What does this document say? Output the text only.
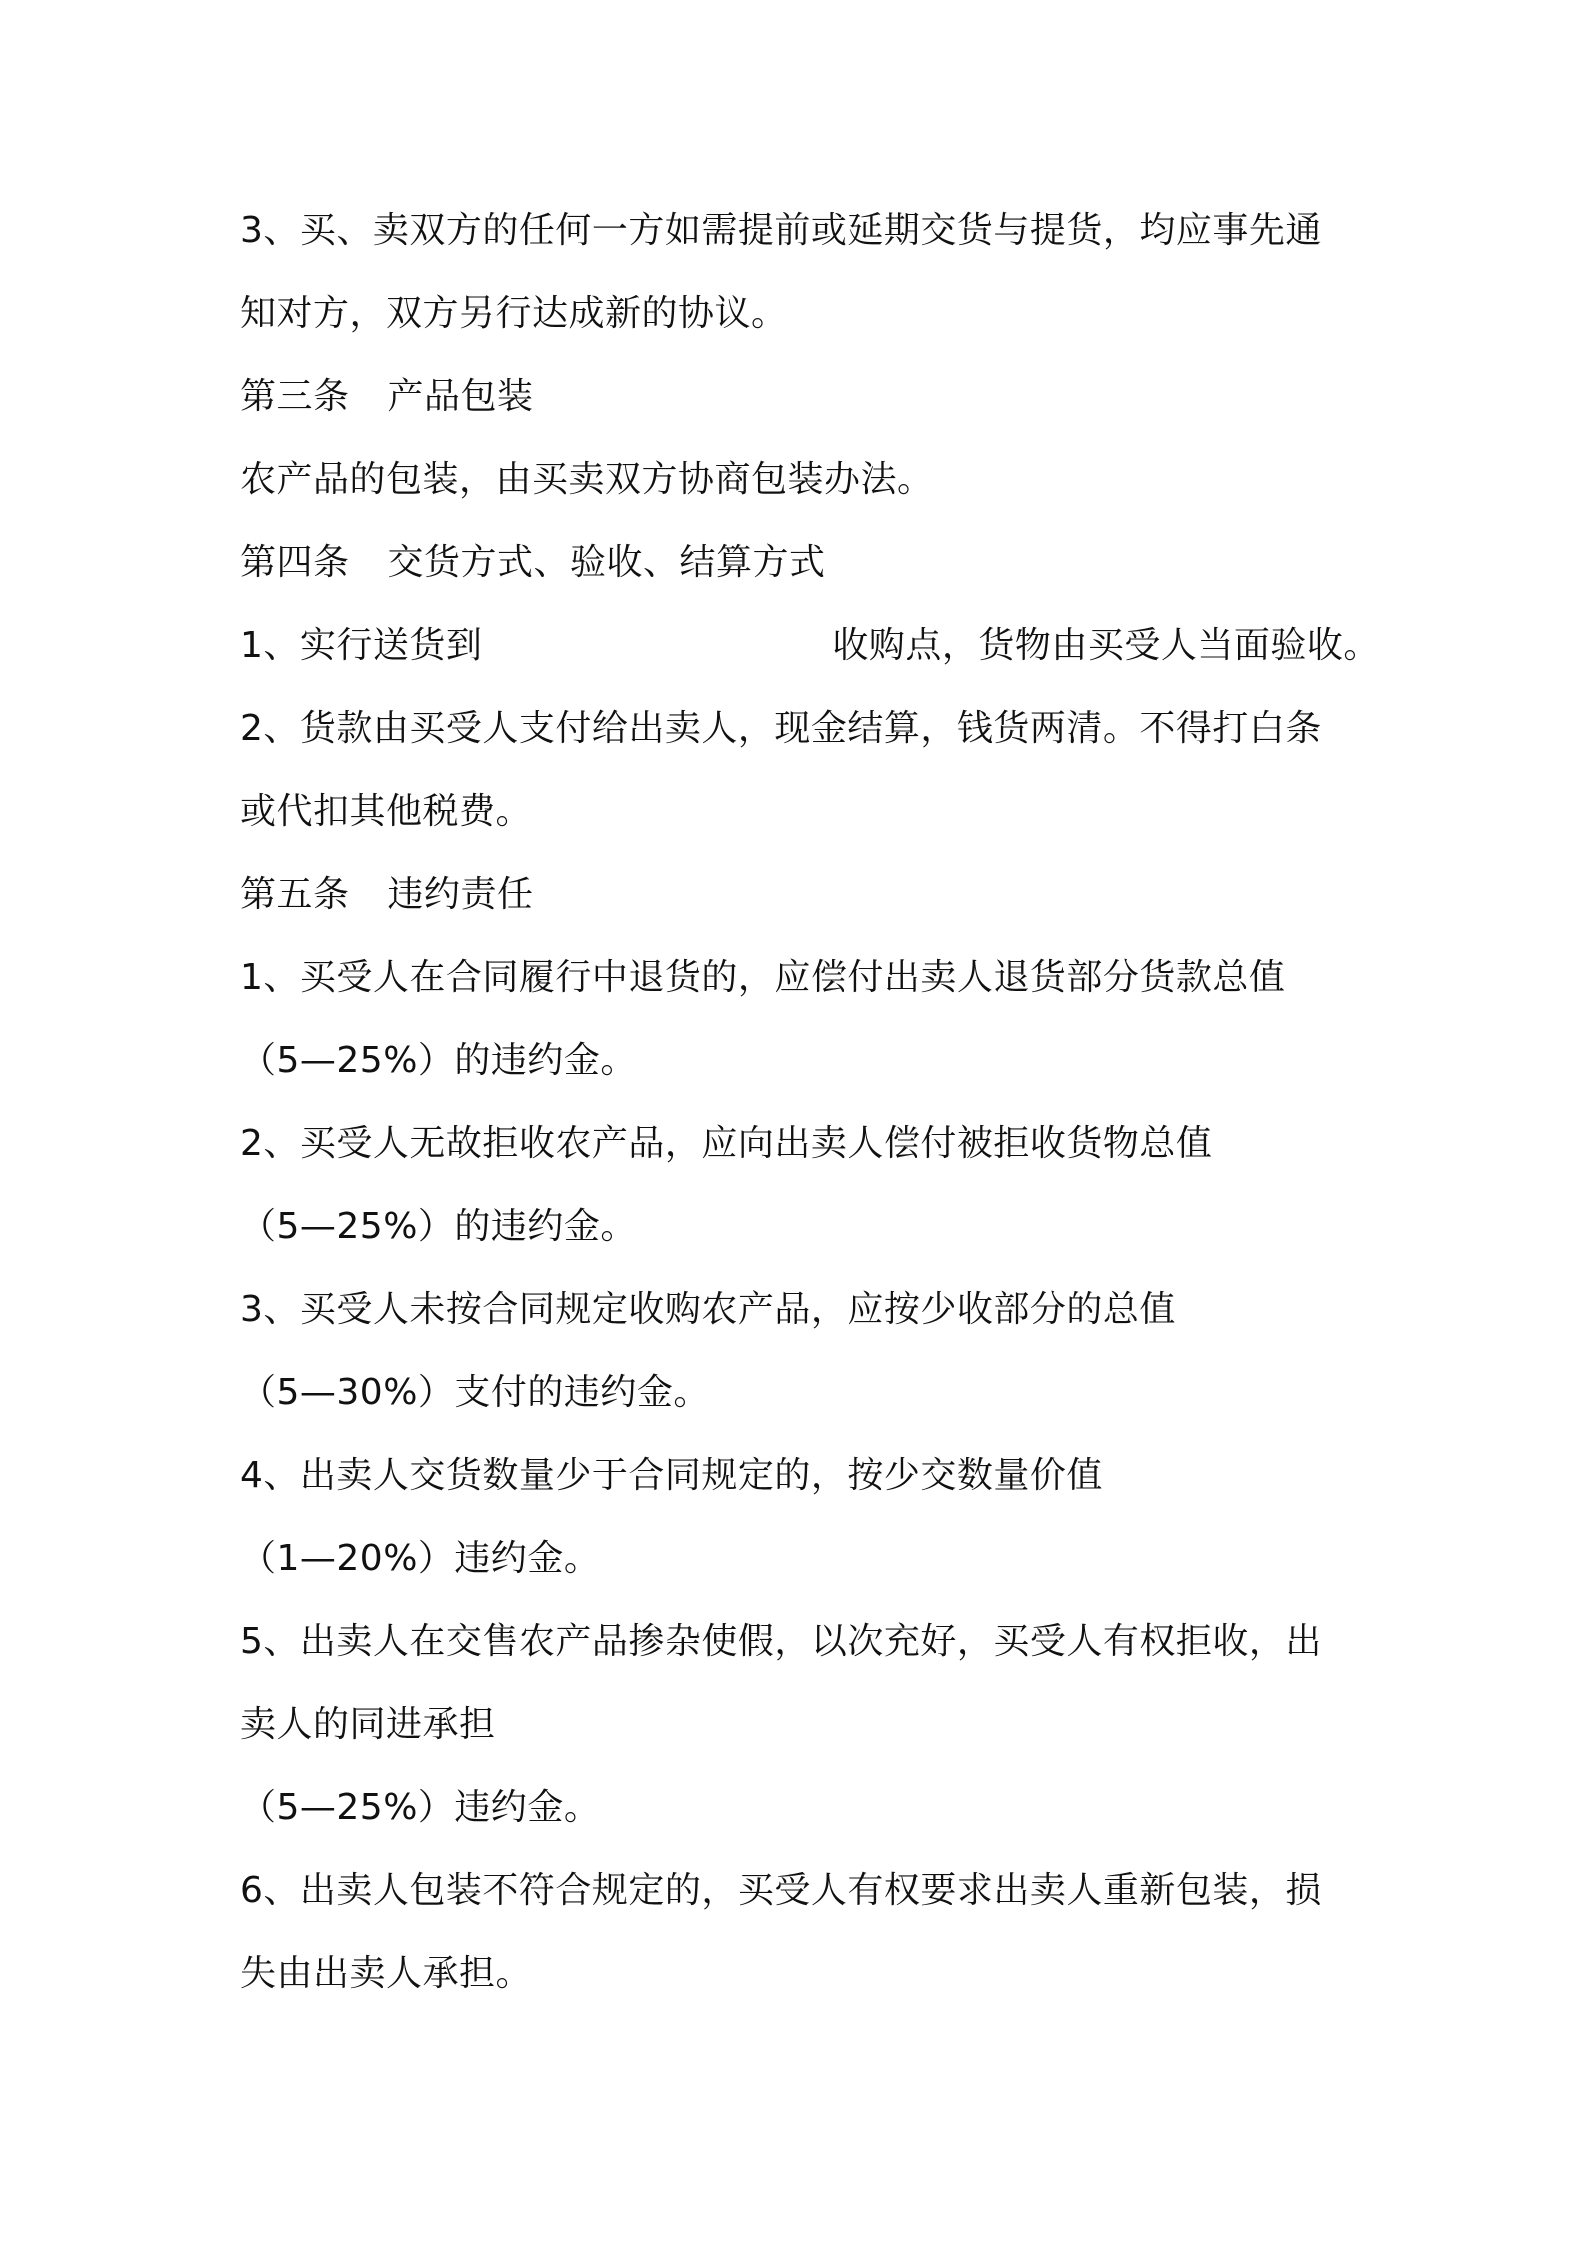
3、买、卖双方的任何一方如需提前或延期交货与提货，均应事先通
知对方，双方另行达成新的协议。
第三条 产品包装
农产品的包装，由买卖双方协商包装办法。
第四条 交货方式、验收、结算方式
1、实行送货到	收购点，货物由买受人当面验收。
2、货款由买受人支付给出卖人，现金结算，钱货两清。不得打白条
或代扣其他税费。
第五条 违约责任
1、买受人在合同履行中退货的，应偿付出卖人退货部分货款总值
（5—25%）的违约金。
2、买受人无故拒收农产品，应向出卖人偿付被拒收货物总值
（5—25%）的违约金。
3、买受人未按合同规定收购农产品，应按少收部分的总值
（5—30%）支付的违约金。
4、出卖人交货数量少于合同规定的，按少交数量价值
（1—20%）违约金。
5、出卖人在交售农产品掺杂使假，以次充好，买受人有权拒收，出
卖人的同进承担
（5—25%）违约金。
6、出卖人包装不符合规定的，买受人有权要求出卖人重新包装，损
失由出卖人承担。
